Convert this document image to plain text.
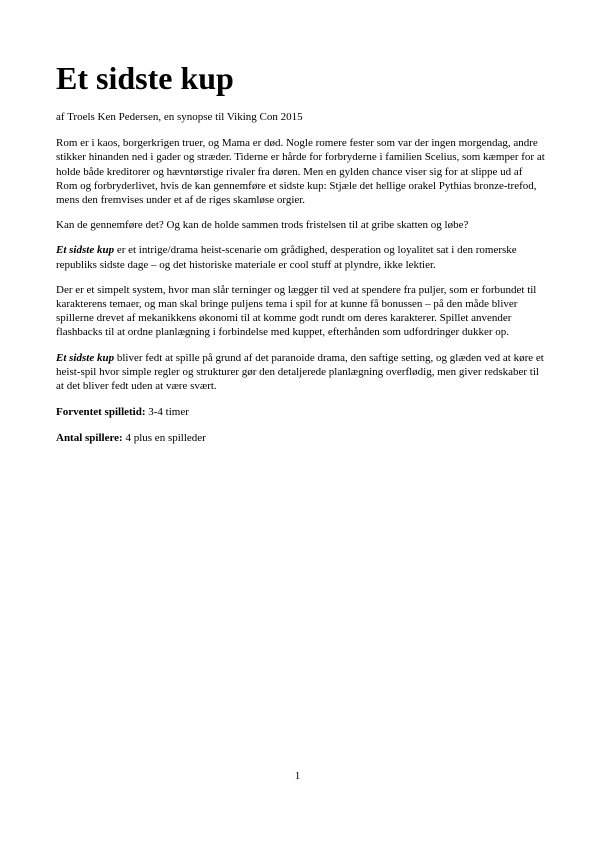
Et sidste kup

af Troels Ken Pedersen, en synopse til Viking Con 2015

Rom er i kaos, borgerkrigen truer, og Mama er død. Nogle romere fester som var der ingen morgendag, andre stikker hinanden ned i gader og stræder. Tiderne er hårde for forbryderne i familien Scelius, som kæmper for at holde både kreditorer og hævntørstige rivaler fra døren. Men en gylden chance viser sig for at slippe ud af Rom og forbryderlivet, hvis de kan gennemføre et sidste kup: Stjæle det hellige orakel Pythias bronze-trefod, mens den fremvises under et af de riges skamløse orgier.

Kan de gennemføre det? Og kan de holde sammen trods fristelsen til at gribe skatten og løbe?

Et sidste kup er et intrige/drama heist-scenarie om grådighed, desperation og loyalitet sat i den romerske republiks sidste dage – og det historiske materiale er cool stuff at plyndre, ikke lektier.

Der er et simpelt system, hvor man slår terninger og lægger til ved at spendere fra puljer, som er forbundet til karakterens temaer, og man skal bringe puljens tema i spil for at kunne få bonussen – på den måde bliver spillerne drevet af mekanikkens økonomi til at komme godt rundt om deres karakterer. Spillet anvender flashbacks til at ordne planlægning i forbindelse med kuppet, efterhånden som udfordringer dukker op.

Et sidste kup bliver fedt at spille på grund af det paranoide drama, den saftige setting, og glæden ved at køre et heist-spil hvor simple regler og strukturer gør den detaljerede planlægning overflødig, men giver redskaber til at det bliver fedt uden at være svært.

Forventet spilletid: 3-4 timer

Antal spillere: 4 plus en spilleder

1
